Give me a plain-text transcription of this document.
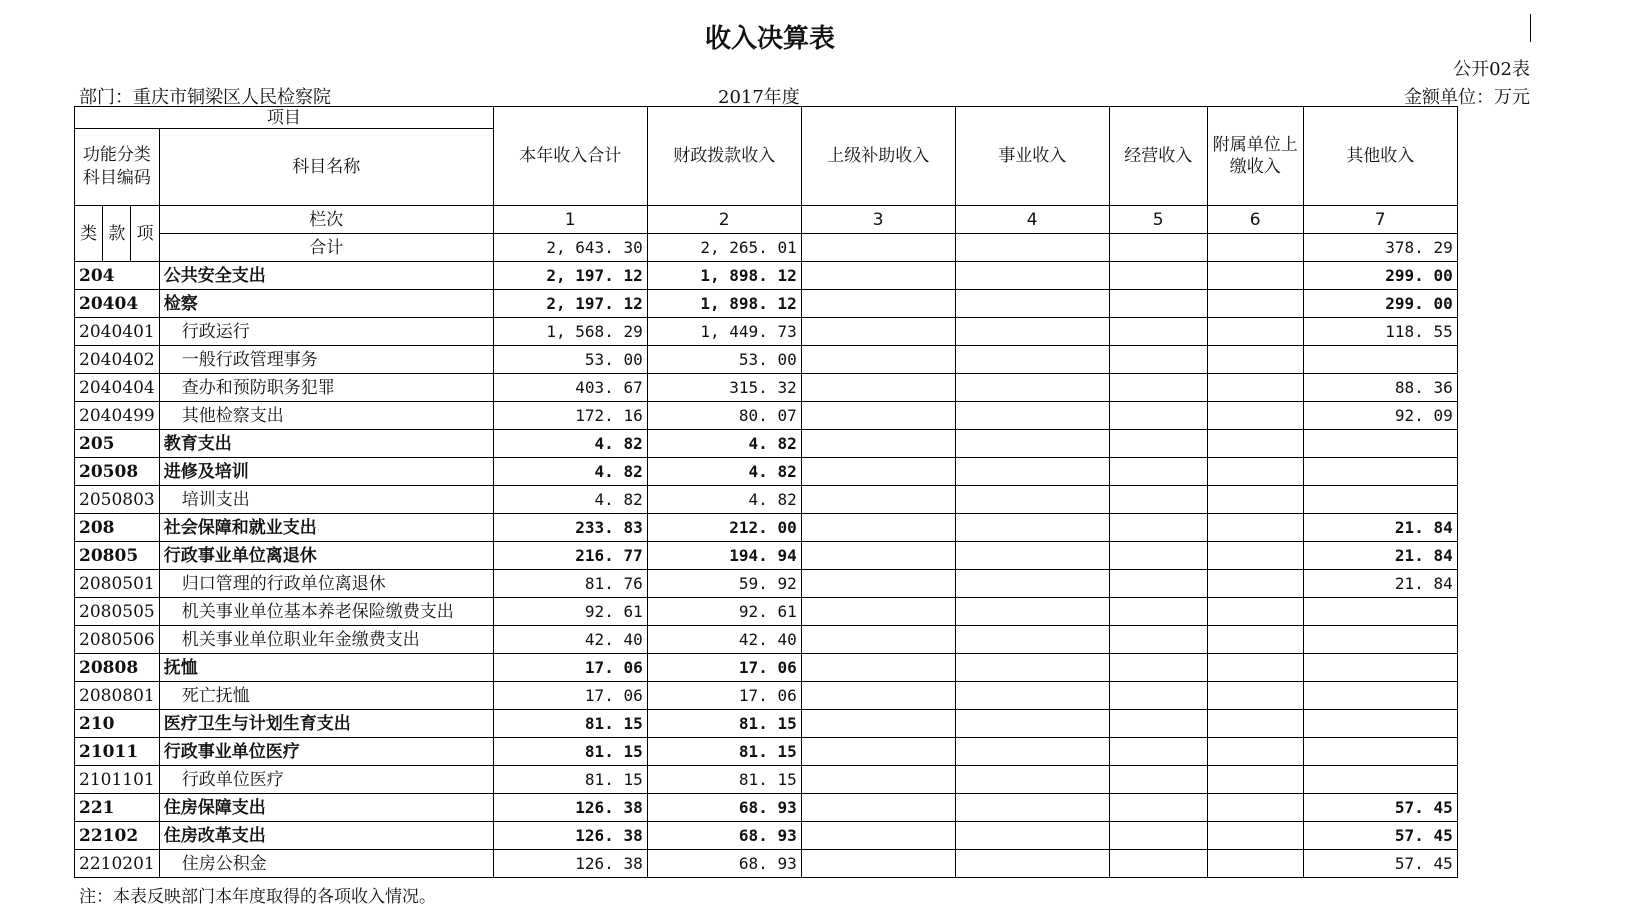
收入决算表
公开02表
部门：重庆市铜梁区人民检察院	2017年度	金额单位：万元
项目				本年收入合计	财政拨款收入	上级补助收入	事业收入	经营收入	附属单位上缴收入	其他收入
功能分类科目编码			科目名称							
类	款	项	栏次	1	2	3	4	5	6	7
			合计	2, 643. 30	2, 265. 01					378. 29
204			公共安全支出	2, 197. 12	1, 898. 12					299. 00
20404			检察	2, 197. 12	1, 898. 12					299. 00
2040401			行政运行	1, 568. 29	1, 449. 73					118. 55
2040402			一般行政管理事务	53. 00	53. 00					
2040404			查办和预防职务犯罪	403. 67	315. 32					88. 36
2040499			其他检察支出	172. 16	80. 07					92. 09
205			教育支出	4. 82	4. 82					
20508			进修及培训	4. 82	4. 82					
2050803			培训支出	4. 82	4. 82					
208			社会保障和就业支出	233. 83	212. 00					21. 84
20805			行政事业单位离退休	216. 77	194. 94					21. 84
2080501			归口管理的行政单位离退休	81. 76	59. 92					21. 84
2080505			机关事业单位基本养老保险缴费支出	92. 61	92. 61					
2080506			机关事业单位职业年金缴费支出	42. 40	42. 40					
20808			抚恤	17. 06	17. 06					
2080801			死亡抚恤	17. 06	17. 06					
210			医疗卫生与计划生育支出	81. 15	81. 15					
21011			行政事业单位医疗	81. 15	81. 15					
2101101			行政单位医疗	81. 15	81. 15					
221			住房保障支出	126. 38	68. 93					57. 45
22102			住房改革支出	126. 38	68. 93					57. 45
2210201			住房公积金	126. 38	68. 93					57. 45
注：本表反映部门本年度取得的各项收入情况。
